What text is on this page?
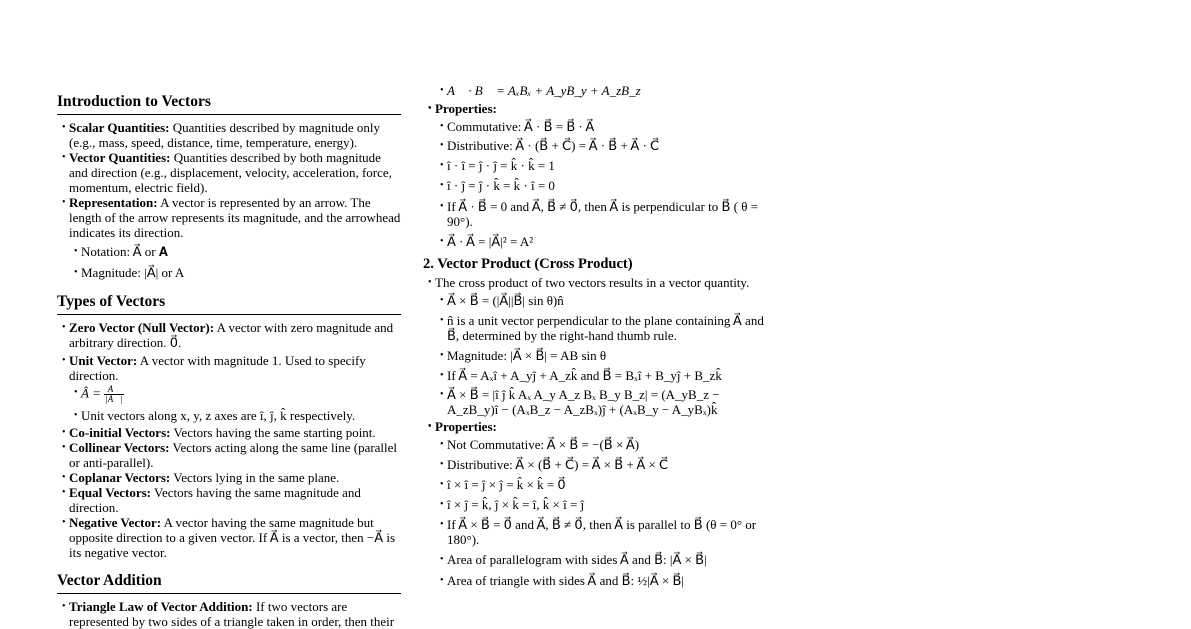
Introduction to Vectors
• Scalar Quantities: Quantities described by magnitude only (e.g., mass, speed, distance, time, temperature, energy).
• Vector Quantities: Quantities described by both magnitude and direction (e.g., displacement, velocity, acceleration, force, momentum, electric field).
• Representation: A vector is represented by an arrow. The length of the arrow represents its magnitude, and the arrowhead indicates its direction.
• Notation: A⃗ or 𝐀
• Magnitude: |A⃗| or A
Types of Vectors
• Zero Vector (Null Vector): A vector with zero magnitude and arbitrary direction. 0⃗.
• Unit Vector: A vector with magnitude 1. Used to specify direction.
• Â = $\frac{A⃗}{|A⃗|}$
• Unit vectors along x, y, z axes are î, ĵ, k̂ respectively.
• Co-initial Vectors: Vectors having the same starting point.
• Collinear Vectors: Vectors acting along the same line (parallel or anti-parallel).
• Coplanar Vectors: Vectors lying in the same plane.
• Equal Vectors: Vectors having the same magnitude and direction.
• Negative Vector: A vector having the same magnitude but opposite direction to a given vector. If A⃗ is a vector, then −A⃗ is its negative vector.
Vector Addition
• Triangle Law of Vector Addition: If two vectors are represented by two sides of a triangle taken in order, then their
• A⃗ · B⃗ = AₓBₓ + A_yB_y + A_zB_z
• Properties:
• Commutative: A⃗ · B⃗ = B⃗ · A⃗
• Distributive: A⃗ · (B⃗ + C⃗) = A⃗ · B⃗ + A⃗ · C⃗
• î · î = ĵ · ĵ = k̂ · k̂ = 1
• î · ĵ = ĵ · k̂ = k̂ · î = 0
• If A⃗ · B⃗ = 0 and A⃗, B⃗ ≠ 0⃗, then A⃗ is perpendicular to B⃗ ( θ = 90°).
• A⃗ · A⃗ = |A⃗|² = A²
2. Vector Product (Cross Product)
• The cross product of two vectors results in a vector quantity.
• A⃗ × B⃗ = (|A⃗||B⃗| sin θ)n̂
• n̂ is a unit vector perpendicular to the plane containing A⃗ and B⃗, determined by the right-hand thumb rule.
• Magnitude: |A⃗ × B⃗| = AB sin θ
• If A⃗ = Aₓî + A_yĵ + A_zk̂ and B⃗ = Bₓî + B_yĵ + B_zk̂
• A⃗ × B⃗ = |î ĵ k̂ Aₓ A_y A_z Bₓ B_y B_z| = (A_yB_z − A_zB_y)î − (AₓB_z − A_zBₓ)ĵ + (AₓB_y − A_yBₓ)k̂
• Properties:
• Not Commutative: A⃗ × B⃗ = −(B⃗ × A⃗)
• Distributive: A⃗ × (B⃗ + C⃗) = A⃗ × B⃗ + A⃗ × C⃗
• î × î = ĵ × ĵ = k̂ × k̂ = 0⃗
• î × ĵ = k̂, ĵ × k̂ = î, k̂ × î = ĵ
• If A⃗ × B⃗ = 0⃗ and A⃗, B⃗ ≠ 0⃗, then A⃗ is parallel to B⃗ (θ = 0° or 180°).
• Area of parallelogram with sides A⃗ and B⃗: |A⃗ × B⃗|
• Area of triangle with sides A⃗ and B⃗: ½|A⃗ × B⃗|
